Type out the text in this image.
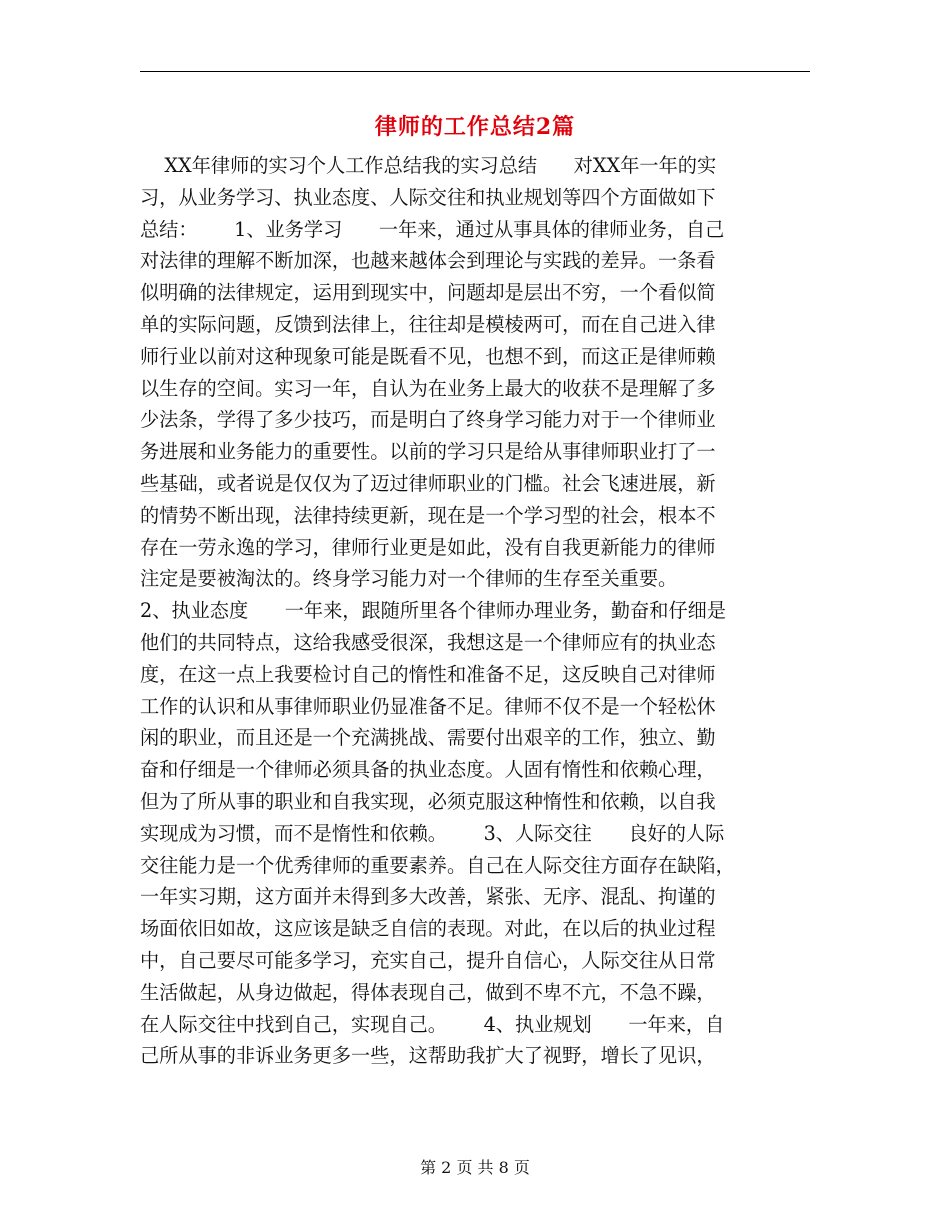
律师的工作总结2篇
XX年律师的实习个人工作总结我的实习总结      对XX年一年的实
习，从业务学习、执业态度、人际交往和执业规划等四个方面做如下
总结：      1、业务学习      一年来，通过从事具体的律师业务，自己
对法律的理解不断加深，也越来越体会到理论与实践的差异。一条看
似明确的法律规定，运用到现实中，问题却是层出不穷，一个看似简
单的实际问题，反馈到法律上，往往却是模棱两可，而在自己进入律
师行业以前对这种现象可能是既看不见，也想不到，而这正是律师赖
以生存的空间。实习一年，自认为在业务上最大的收获不是理解了多
少法条，学得了多少技巧，而是明白了终身学习能力对于一个律师业
务进展和业务能力的重要性。以前的学习只是给从事律师职业打了一
些基础，或者说是仅仅为了迈过律师职业的门槛。社会飞速进展，新
的情势不断出现，法律持续更新，现在是一个学习型的社会，根本不
存在一劳永逸的学习，律师行业更是如此，没有自我更新能力的律师
注定是要被淘汰的。终身学习能力对一个律师的生存至关重要。
2、执业态度      一年来，跟随所里各个律师办理业务，勤奋和仔细是
他们的共同特点，这给我感受很深，我想这是一个律师应有的执业态
度，在这一点上我要检讨自己的惰性和准备不足，这反映自己对律师
工作的认识和从事律师职业仍显准备不足。律师不仅不是一个轻松休
闲的职业，而且还是一个充满挑战、需要付出艰辛的工作，独立、勤
奋和仔细是一个律师必须具备的执业态度。人固有惰性和依赖心理，
但为了所从事的职业和自我实现，必须克服这种惰性和依赖，以自我
实现成为习惯，而不是惰性和依赖。      3、人际交往      良好的人际
交往能力是一个优秀律师的重要素养。自己在人际交往方面存在缺陷，
一年实习期，这方面并未得到多大改善，紧张、无序、混乱、拘谨的
场面依旧如故，这应该是缺乏自信的表现。对此，在以后的执业过程
中，自己要尽可能多学习，充实自己，提升自信心，人际交往从日常
生活做起，从身边做起，得体表现自己，做到不卑不亢，不急不躁，
在人际交往中找到自己，实现自己。      4、执业规划      一年来，自
己所从事的非诉业务更多一些，这帮助我扩大了视野，增长了见识，
第 2 页 共 8 页
